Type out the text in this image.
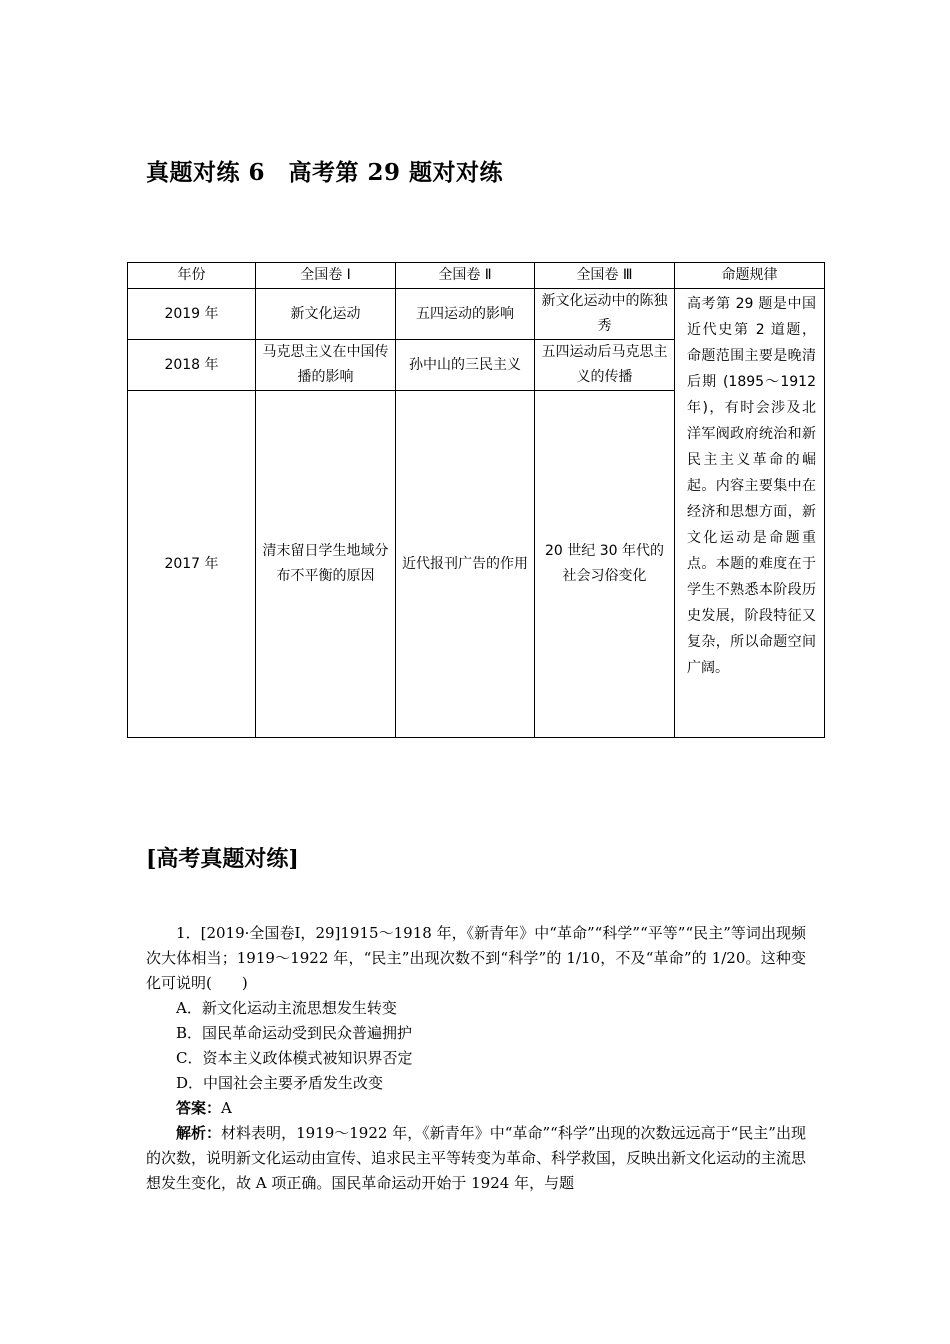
真题对练 6　高考第 29 题对对练
年份	全国卷 Ⅰ	全国卷 Ⅱ	全国卷 Ⅲ	命题规律
2019 年	新文化运动	五四运动的影响	新文化运动中的陈独秀	高考第 29 题是中国近代史第 2 道题，命题范围主要是晚清后期 (1895～1912 年)，有时会涉及北洋军阀政府统治和新民主主义革命的崛起。内容主要集中在经济和思想方面，新文化运动是命题重点。本题的难度在于学生不熟悉本阶段历史发展，阶段特征又复杂，所以命题空间广阔。
2018 年	马克思主义在中国传播的影响	孙中山的三民主义	五四运动后马克思主义的传播	
2017 年	清末留日学生地域分布不平衡的原因	近代报刊广告的作用	20 世纪 30 年代的社会习俗变化	
[高考真题对练]

1．[2019·全国卷Ⅰ，29]1915～1918 年，《新青年》中“革命”“科学”“平等”“民主”等词出现频次大体相当；1919～1922 年，“民主”出现次数不到“科学”的 1/10，不及“革命”的 1/20。这种变化可说明(　　)

A．新文化运动主流思想发生转变

B．国民革命运动受到民众普遍拥护

C．资本主义政体模式被知识界否定

D．中国社会主要矛盾发生改变

答案：A

解析：材料表明，1919～1922 年，《新青年》中“革命”“科学”出现的次数远远高于“民主”出现的次数，说明新文化运动由宣传、追求民主平等转变为革命、科学救国，反映出新文化运动的主流思想发生变化，故 A 项正确。国民革命运动开始于 1924 年，与题
